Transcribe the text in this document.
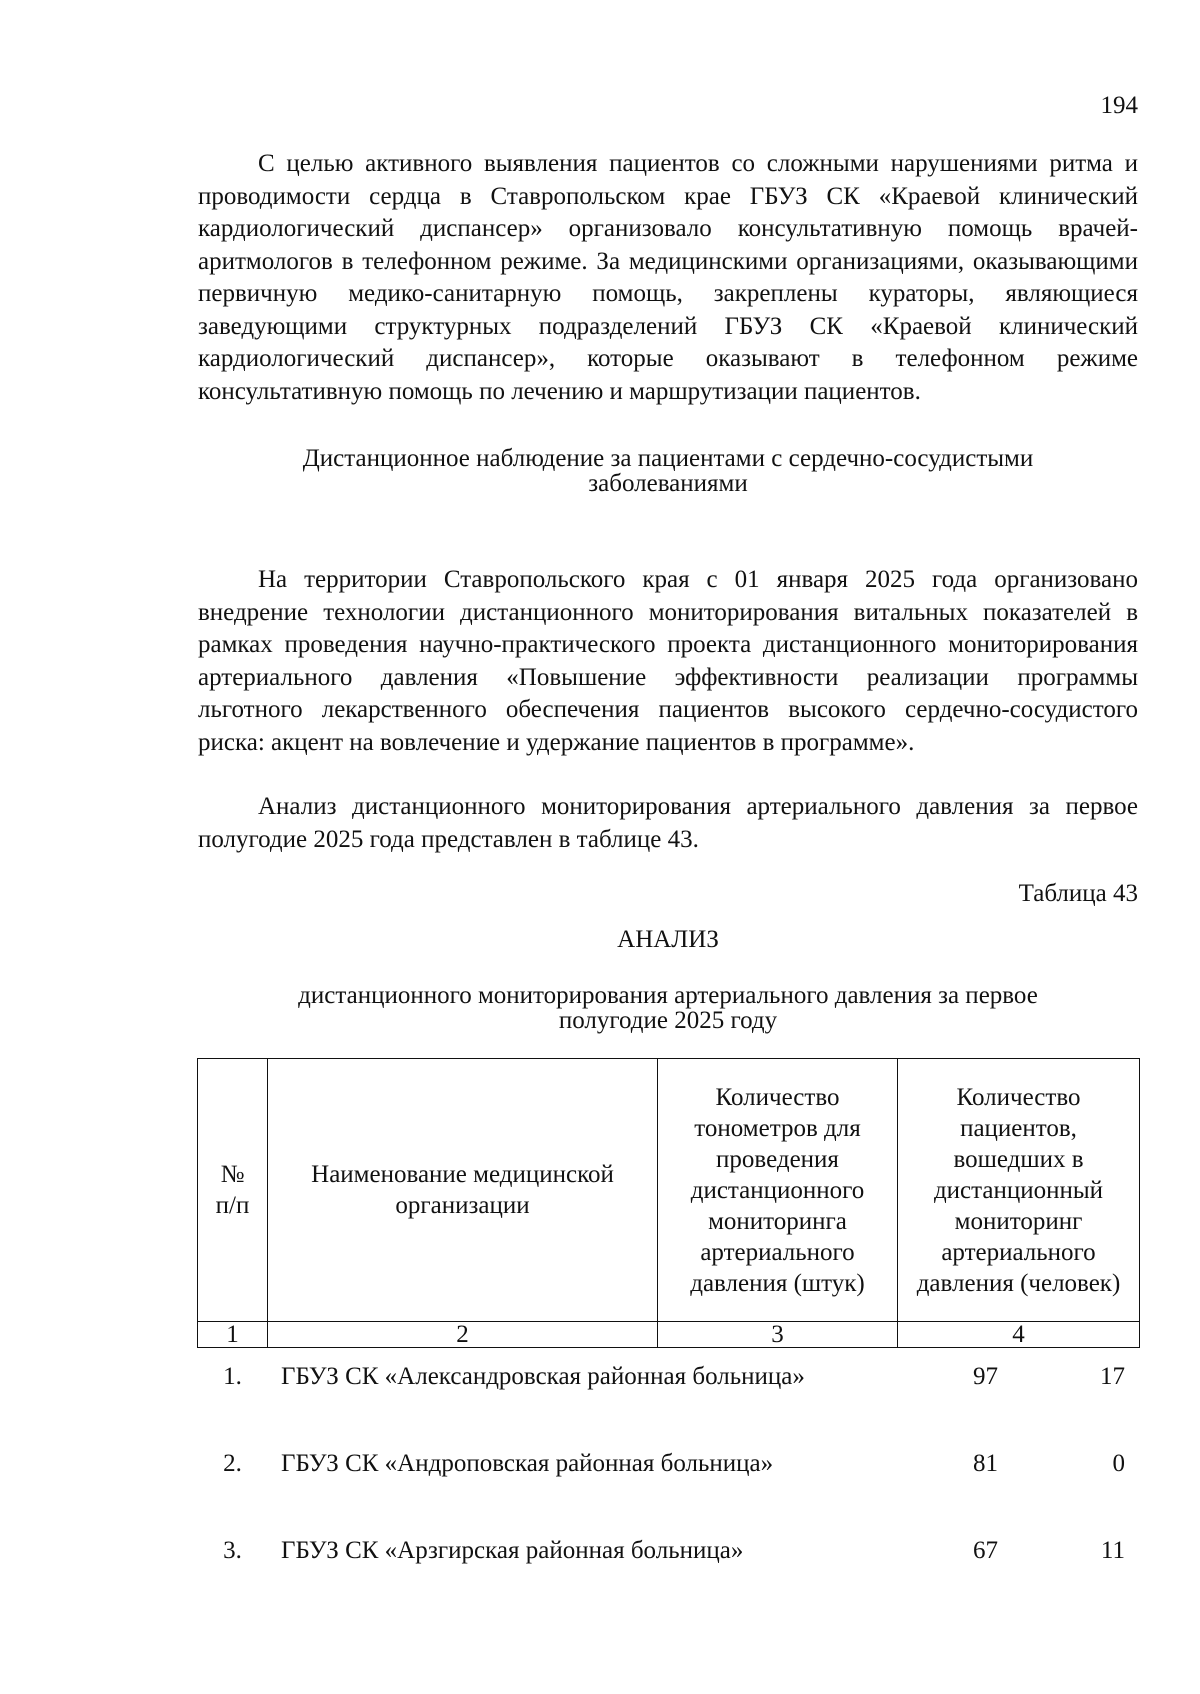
194

С целью активного выявления пациентов со сложными нарушениями ритма и проводимости сердца в Ставропольском крае ГБУЗ СК «Краевой клинический кардиологический диспансер» организовало консультативную помощь врачей-аритмологов в телефонном режиме. За медицинскими организациями, оказывающими первичную медико-санитарную помощь, закреплены кураторы, являющиеся заведующими структурных подразделений ГБУЗ СК «Краевой клинический кардиологический диспансер», которые оказывают в телефонном режиме консультативную помощь по лечению и маршрутизации пациентов.

Дистанционное наблюдение за пациентами с сердечно-сосудистыми
заболеваниями

На территории Ставропольского края с 01 января 2025 года организовано внедрение технологии дистанционного мониторирования витальных показателей в рамках проведения научно-практического проекта дистанционного мониторирования артериального давления «Повышение эффективности реализации программы льготного лекарственного обеспечения пациентов высокого сердечно-сосудистого риска: акцент на вовлечение и удержание пациентов в программе».

Анализ дистанционного мониторирования артериального давления за первое полугодие 2025 года представлен в таблице 43.

Таблица 43
АНАЛИЗ
дистанционного мониторирования артериального давления за первое
полугодие 2025 году
№ п/п	Наименование медицинской организации	Количество тонометров для проведения дистанционного мониторинга артериального давления (штук)	Количество пациентов, вошедших в дистанционный мониторинг артериального давления (человек)

1	2	3	4
1.	ГБУЗ СК «Александровская районная больница»	97	17
2.	ГБУЗ СК «Андроповская районная больница»	81	0
3.	ГБУЗ СК «Арзгирская районная больница»	67	11
